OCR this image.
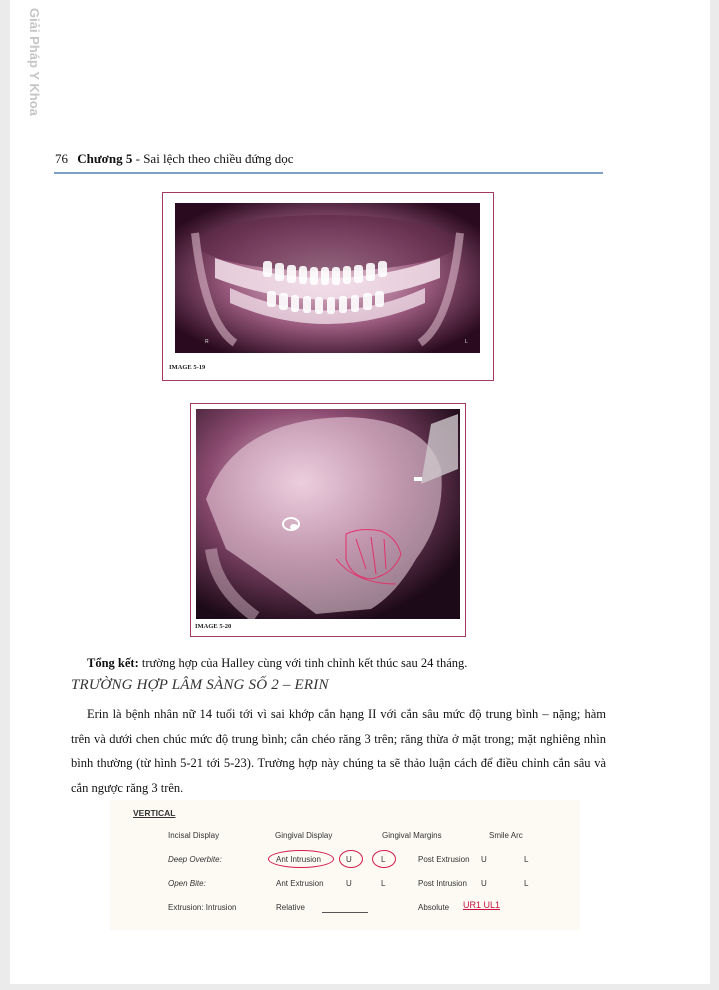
Giải Pháp Y Khoa
76 Chương 5 - Sai lệch theo chiều đứng dọc
R	L
IMAGE 5-19
IMAGE 5-20
Tổng kết: trường hợp của Halley cùng với tinh chỉnh kết thúc sau 24 tháng.
TRƯỜNG HỢP LÂM SÀNG SỐ 2 – ERIN
Erin là bệnh nhân nữ 14 tuổi tới vì sai khớp cắn hạng II với cắn sâu mức độ trung bình – nặng; hàm trên và dưới chen chúc mức độ trung bình; cắn chéo răng 3 trên; răng thừa ở mặt trong; mặt nghiêng nhìn bình thường (từ hình 5-21 tới 5-23). Trường hợp này chúng ta sẽ thảo luận cách để điều chỉnh cắn sâu và cắn ngược răng 3 trên.
VERTICAL
Incisal Display	Gingival Display	Gingival Margins	Smile Arc
Deep Overbite:	Ant Intrusion	U	L	Post Extrusion U	L
Open Bite:	Ant Extrusion	U	L	Post Intrusion U	L
Extrusion: Intrusion	Relative	Absolute UR1 UL1
